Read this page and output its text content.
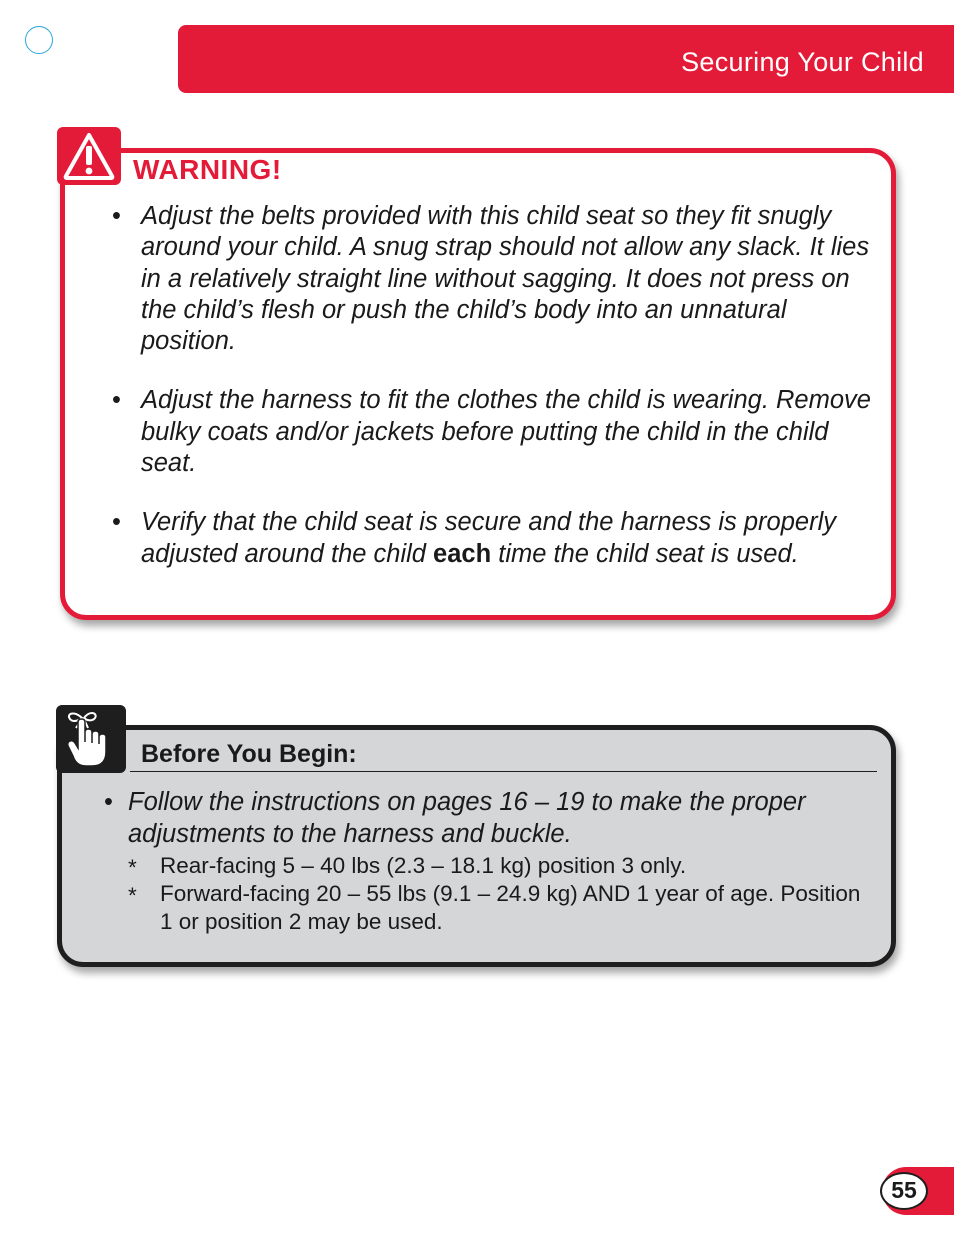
Securing Your Child
WARNING!
• Adjust the belts provided with this child seat so they fit snugly around your child. A snug strap should not allow any slack. It lies in a relatively straight line without sagging. It does not press on the child’s flesh or push the child’s body into an unnatural position.
• Adjust the harness to fit the clothes the child is wearing. Remove bulky coats and/or jackets before putting the child in the child seat.
• Verify that the child seat is secure and the harness is properly adjusted around the child each time the child seat is used.
Before You Begin:
• Follow the instructions on pages 16 – 19 to make the proper adjustments to the harness and buckle.
* Rear-facing 5 – 40 lbs (2.3 – 18.1 kg) position 3 only.
* Forward-facing 20 – 55 lbs (9.1 – 24.9 kg) AND 1 year of age. Position 1 or position 2 may be used.
55
